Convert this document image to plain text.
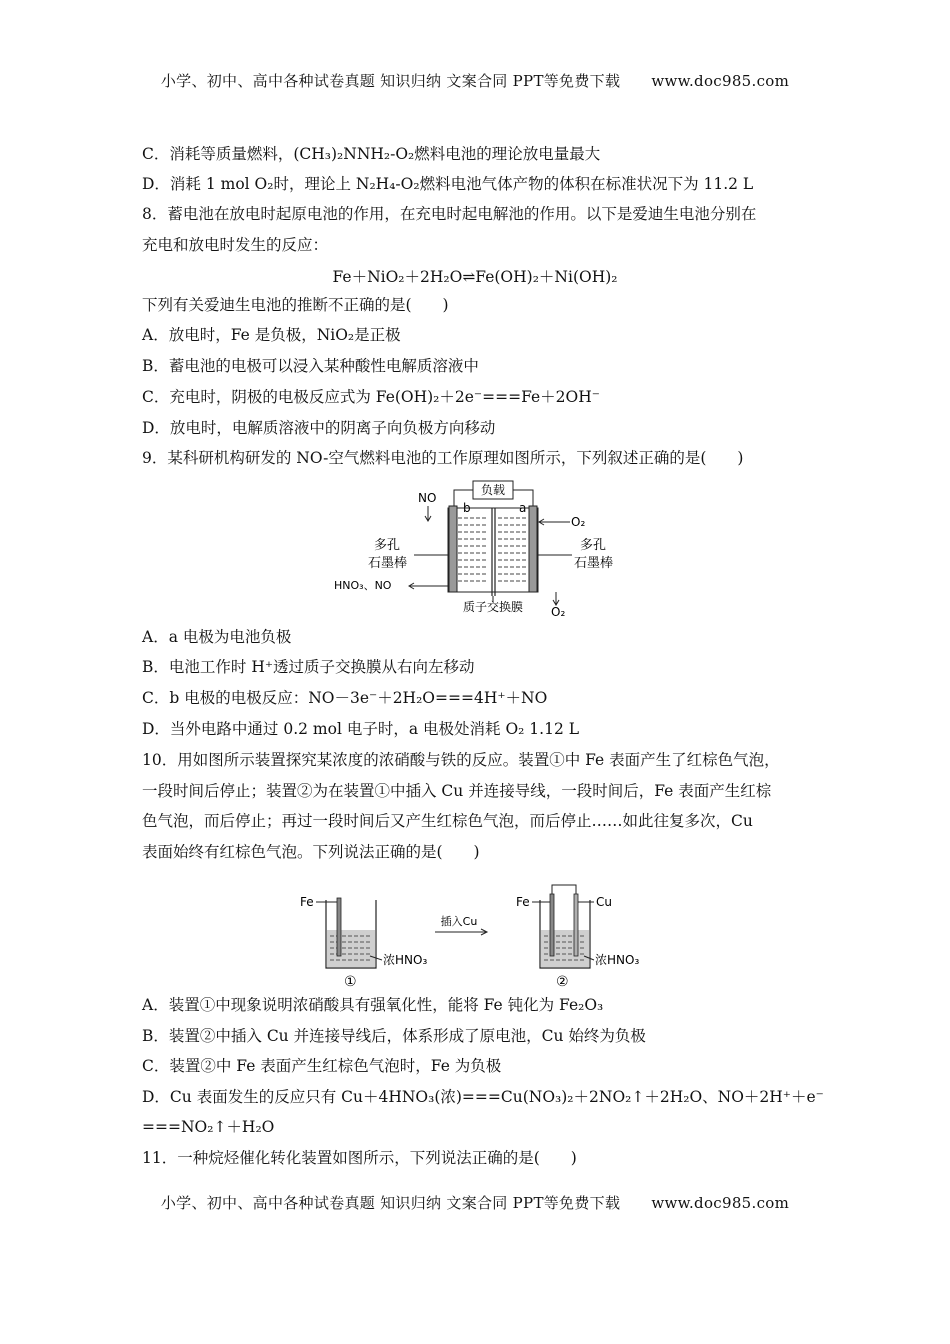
小学、初中、高中各种试卷真题 知识归纳 文案合同 PPT等免费下载 www.doc985.com
C．消耗等质量燃料，(CH₃)₂NNH₂-O₂燃料电池的理论放电量最大
D．消耗 1 mol O₂时，理论上 N₂H₄-O₂燃料电池气体产物的体积在标准状况下为 11.2 L
8．蓄电池在放电时起原电池的作用，在充电时起电解池的作用。以下是爱迪生电池分别在
充电和放电时发生的反应：
Fe＋NiO₂＋2H₂O⇌Fe(OH)₂＋Ni(OH)₂
下列有关爱迪生电池的推断不正确的是(　　)
A．放电时，Fe 是负极，NiO₂是正极
B．蓄电池的电极可以浸入某种酸性电解质溶液中
C．充电时，阴极的电极反应式为 Fe(OH)₂＋2e⁻===Fe＋2OH⁻
D．放电时，电解质溶液中的阴离子向负极方向移动
9．某科研机构研发的 NO-空气燃料电池的工作原理如图所示，下列叙述正确的是(　　)
负载
b	a
NO
O₂
多孔
石墨棒
多孔
石墨棒
HNO₃、NO
质子交换膜 O₂
A．a 电极为电池负极
B．电池工作时 H⁺透过质子交换膜从右向左移动
C．b 电极的电极反应：NO－3e⁻＋2H₂O===4H⁺＋NO
D．当外电路中通过 0.2 mol 电子时，a 电极处消耗 O₂ 1.12 L
10．用如图所示装置探究某浓度的浓硝酸与铁的反应。装置①中 Fe 表面产生了红棕色气泡，
一段时间后停止；装置②为在装置①中插入 Cu 并连接导线，一段时间后，Fe 表面产生红棕
色气泡，而后停止；再过一段时间后又产生红棕色气泡，而后停止……如此往复多次，Cu
表面始终有红棕色气泡。下列说法正确的是(　　)
Fe
浓HNO₃
①
插入Cu
Fe	Cu
浓HNO₃
②
A．装置①中现象说明浓硝酸具有强氧化性，能将 Fe 钝化为 Fe₂O₃
B．装置②中插入 Cu 并连接导线后，体系形成了原电池，Cu 始终为负极
C．装置②中 Fe 表面产生红棕色气泡时，Fe 为负极
D．Cu 表面发生的反应只有 Cu＋4HNO₃(浓)===Cu(NO₃)₂＋2NO₂↑＋2H₂O、NO＋2H⁺＋e⁻
===NO₂↑＋H₂O
11．一种烷烃催化转化装置如图所示，下列说法正确的是(　　)
小学、初中、高中各种试卷真题 知识归纳 文案合同 PPT等免费下载 www.doc985.com
